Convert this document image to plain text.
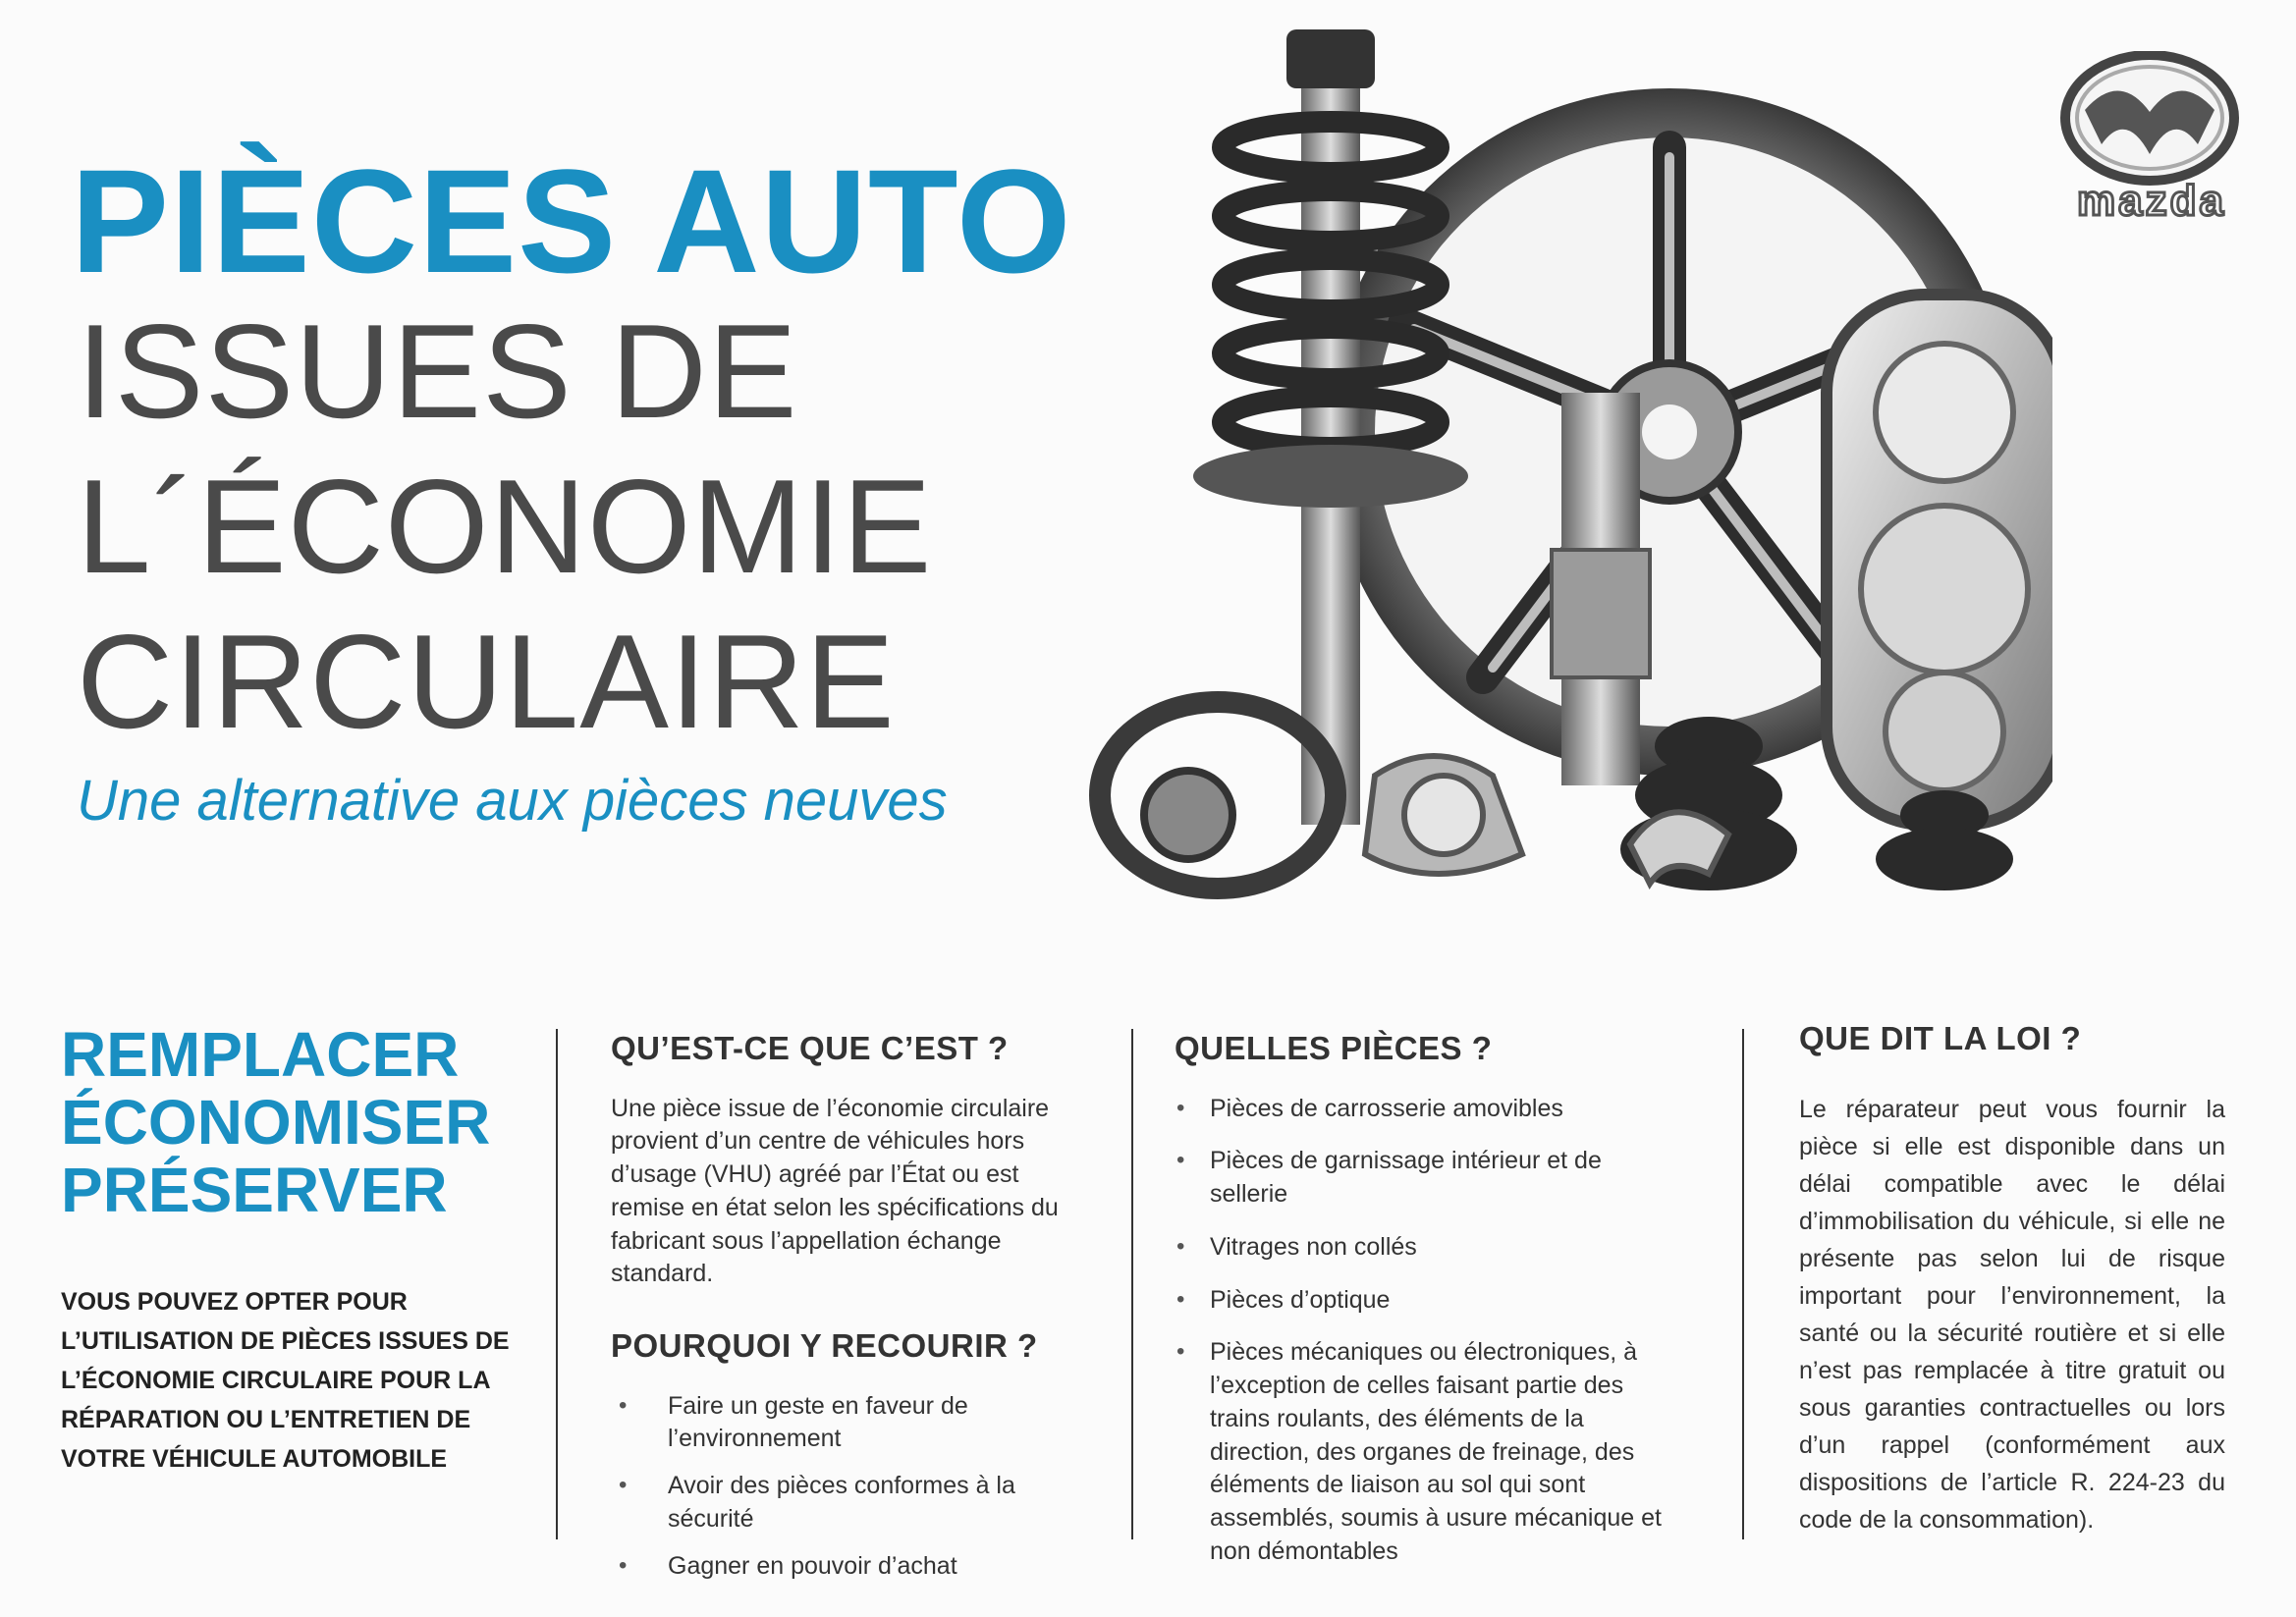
PIÈCES AUTO
ISSUES DE
L´ÉCONOMIE
CIRCULAIRE
Une alternative aux pièces neuves
mazda
REMPLACER
ÉCONOMISER
PRÉSERVER
VOUS POUVEZ OPTER POUR L’UTILISATION DE PIÈCES ISSUES DE L’ÉCONOMIE CIRCULAIRE POUR LA RÉPARATION OU L’ENTRETIEN DE VOTRE VÉHICULE AUTOMOBILE
QU’EST-CE QUE C’EST ?

Une pièce issue de l’économie circulaire provient d’un centre de véhicules hors d’usage (VHU) agréé par l’État ou est remise en état selon les spécifications du fabricant sous l’appellation échange standard.

POURQUOI Y RECOURIR ?
• Faire un geste en faveur de l’environnement
• Avoir des pièces conformes à la sécurité
• Gagner en pouvoir d’achat
QUELLES PIÈCES ?
• Pièces de carrosserie amovibles
• Pièces de garnissage intérieur et de sellerie
• Vitrages non collés
• Pièces d’optique
• Pièces mécaniques ou électroniques, à l’exception de celles faisant partie des trains roulants, des éléments de la direction, des organes de freinage, des éléments de liaison au sol qui sont assemblés, soumis à usure mécanique et non démontables
QUE DIT LA LOI ?

Le réparateur peut vous fournir la pièce si elle est disponible dans un délai compatible avec le délai d’immobilisation du véhicule, si elle ne présente pas selon lui de risque important pour l’environnement, la santé ou la sécurité routière et si elle n’est pas remplacée à titre gratuit ou sous garanties contractuelles ou lors d’un rappel (conformément aux dispositions de l’article R. 224-23 du code de la consommation).
